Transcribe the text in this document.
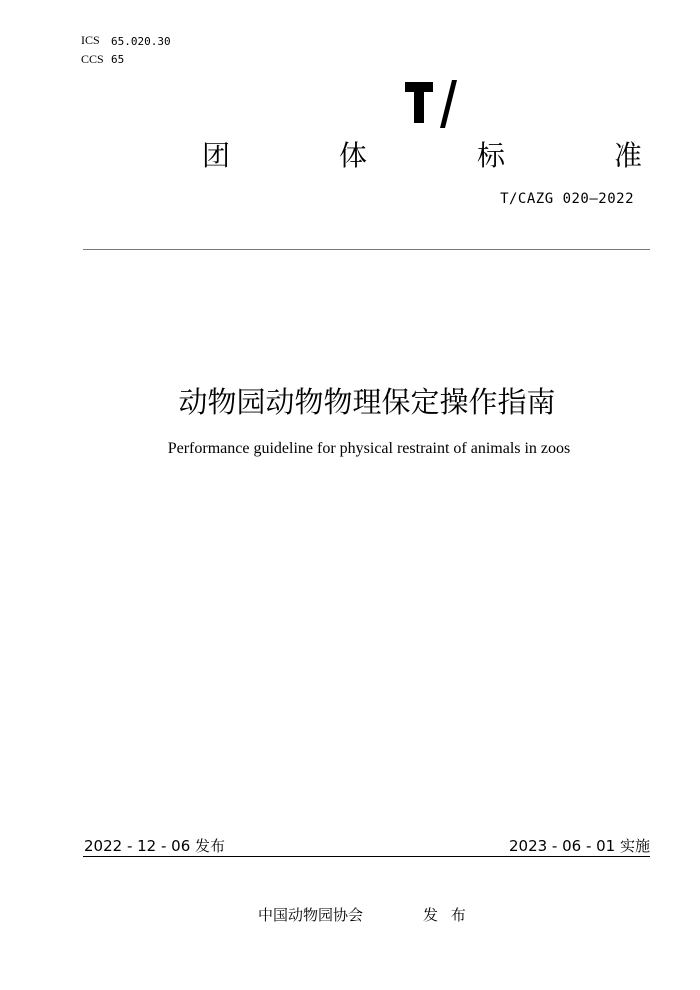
ICS 65.020.30
CCS 65
团	体	标	准
T/CAZG 020—2022
动物园动物物理保定操作指南
Performance guideline for physical restraint of animals in zoos
2022 - 12 - 06 发布	2023 - 06 - 01 实施
中国动物园协会	发 布
